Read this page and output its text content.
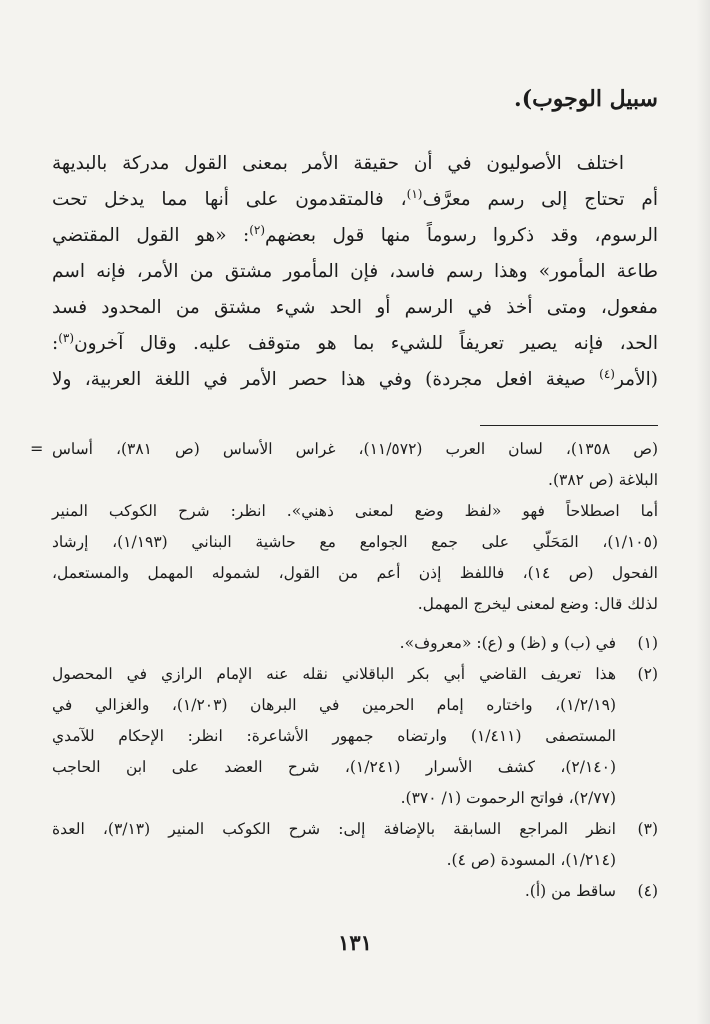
سبيل الوجوب).
اختلف الأصوليون في أن حقيقة الأمر بمعنى القول مدركة بالبديهة
أم تحتاج إلى رسم معرَّف$^{(١)}$، فالمتقدمون على أنها مما يدخل تحت
الرسوم، وقد ذكروا رسوماً منها قول بعضهم$^{(٢)}$: «هو القول المقتضي
طاعة المأمور» وهذا رسم فاسد، فإن المأمور مشتق من الأمر، فإنه اسم
مفعول، ومتى أخذ في الرسم أو الحد شيء مشتق من المحدود فسد
الحد، فإنه يصير تعريفاً للشيء بما هو متوقف عليه. وقال آخرون$^{(٣)}$:
(الأمر$^{(٤)}$ صيغة افعل مجردة) وفي هذا حصر الأمر في اللغة العربية، ولا
= (ص ١٣٥٨)، لسان العرب (١١/٥٧٢)، غراس الأساس (ص ٣٨١)، أساس
البلاغة (ص ٣٨٢).
أما اصطلاحاً فهو «لفظ وضع لمعنى ذهني». انظر: شرح الكوكب المنير
(١/١٠٥)، المَحَلّي على جمع الجوامع مع حاشية البناني (١/١٩٣)، إرشاد
الفحول (ص ١٤)، فاللفظ إذن أعم من القول، لشموله المهمل والمستعمل،
لذلك قال: وضع لمعنى ليخرج المهمل.
(١)في (ب) و (ظ) و (ع): «معروف».
(٢)هذا تعريف القاضي أبي بكر الباقلاني نقله عنه الإمام الرازي في المحصول
(١/٢/١٩)، واختاره إمام الحرمين في البرهان (١/٢٠٣)، والغزالي في
المستصفى (١/٤١١) وارتضاه جمهور الأشاعرة: انظر: الإحكام للآمدي
(٢/١٤٠)، كشف الأسرار (١/٢٤١)، شرح العضد على ابن الحاجب
(٢/٧٧)، فواتح الرحموت (١/ ٣٧٠).
(٣)انظر المراجع السابقة بالإضافة إلى: شرح الكوكب المنير (٣/١٣)، العدة
(١/٢١٤)، المسودة (ص ٤).
(٤)ساقط من (أ).
١٣١
